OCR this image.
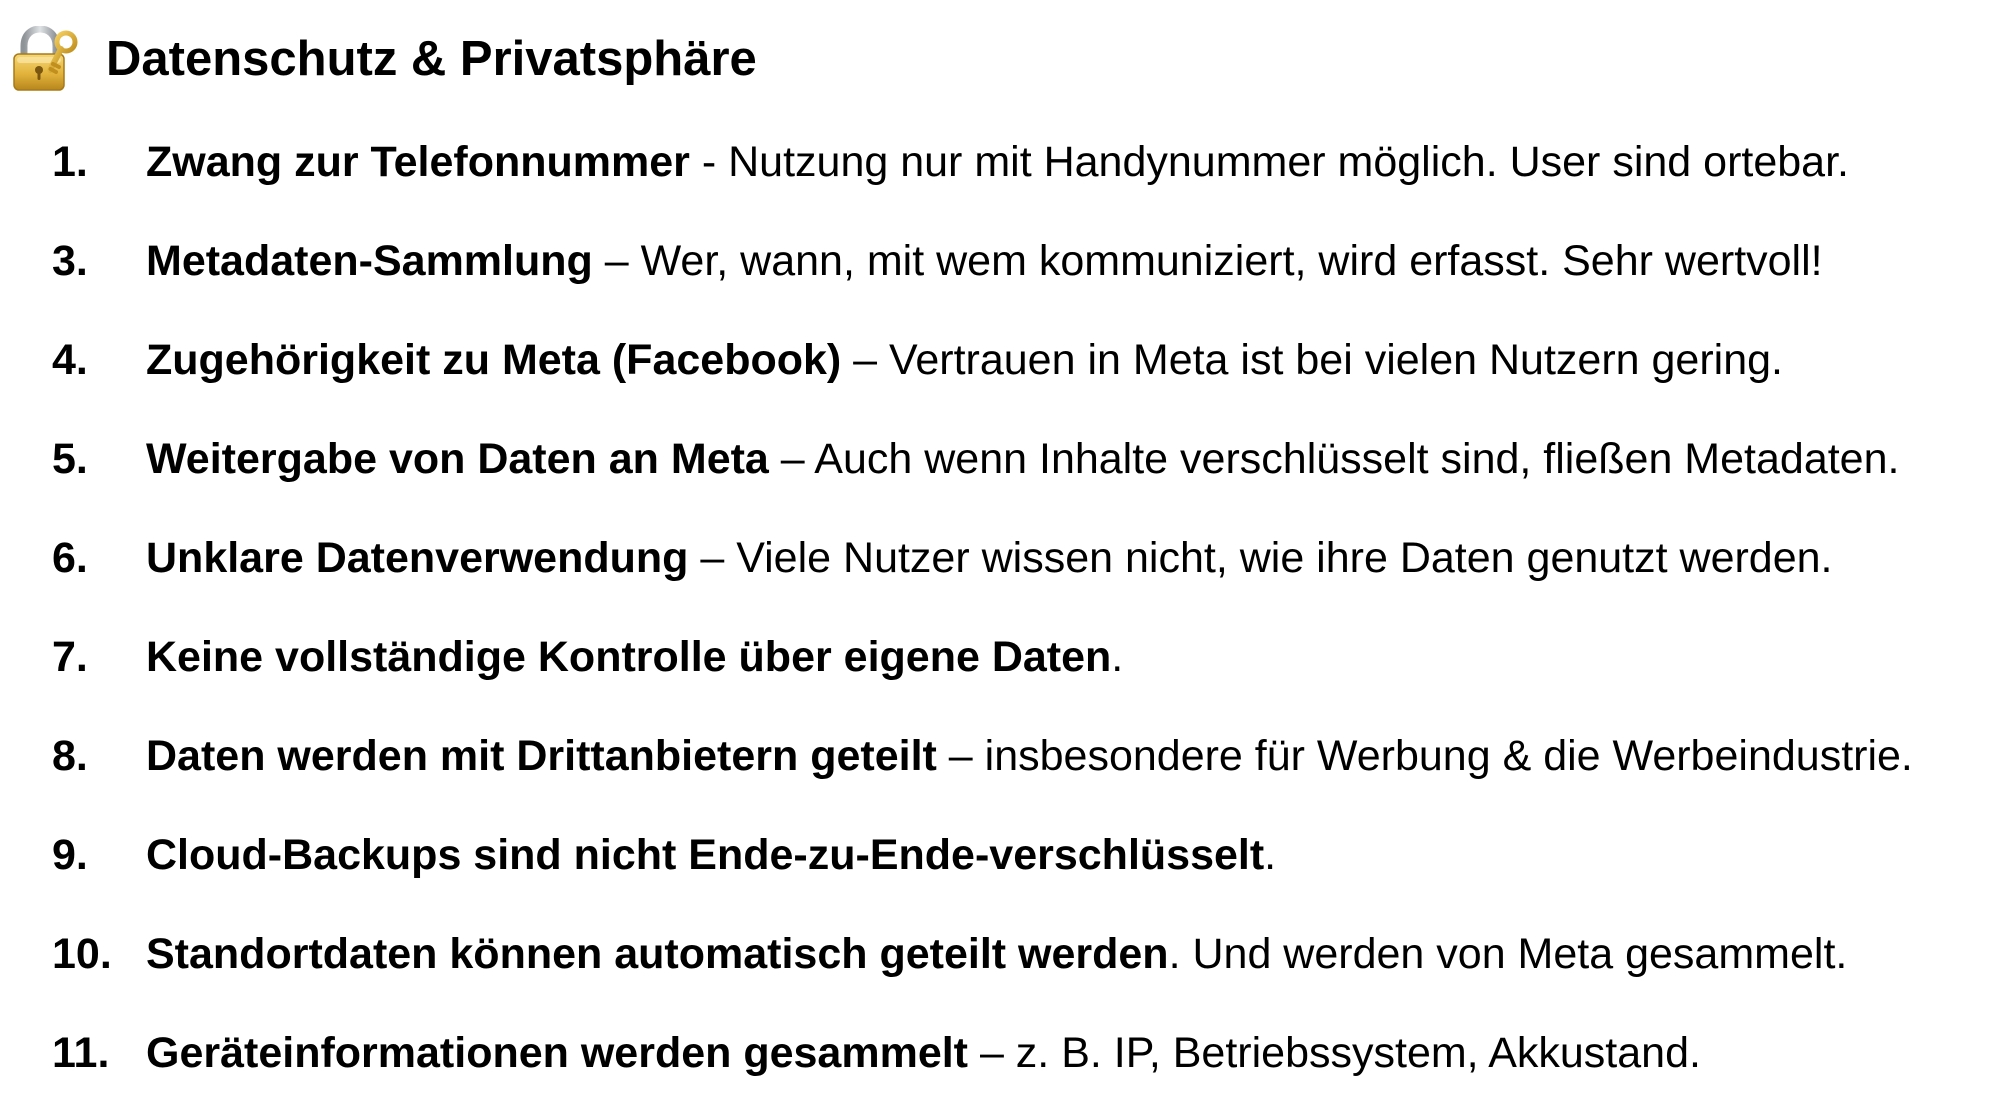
Datenschutz & Privatsphäre
1. Zwang zur Telefonnummer - Nutzung nur mit Handynummer möglich. User sind ortebar.
3. Metadaten-Sammlung – Wer, wann, mit wem kommuniziert, wird erfasst. Sehr wertvoll!
4. Zugehörigkeit zu Meta (Facebook) – Vertrauen in Meta ist bei vielen Nutzern gering.
5. Weitergabe von Daten an Meta – Auch wenn Inhalte verschlüsselt sind, fließen Metadaten.
6. Unklare Datenverwendung – Viele Nutzer wissen nicht, wie ihre Daten genutzt werden.
7. Keine vollständige Kontrolle über eigene Daten.
8. Daten werden mit Drittanbietern geteilt – insbesondere für Werbung & die Werbeindustrie.
9. Cloud-Backups sind nicht Ende-zu-Ende-verschlüsselt.
10. Standortdaten können automatisch geteilt werden. Und werden von Meta gesammelt.
11. Geräteinformationen werden gesammelt – z. B. IP, Betriebssystem, Akkustand.
